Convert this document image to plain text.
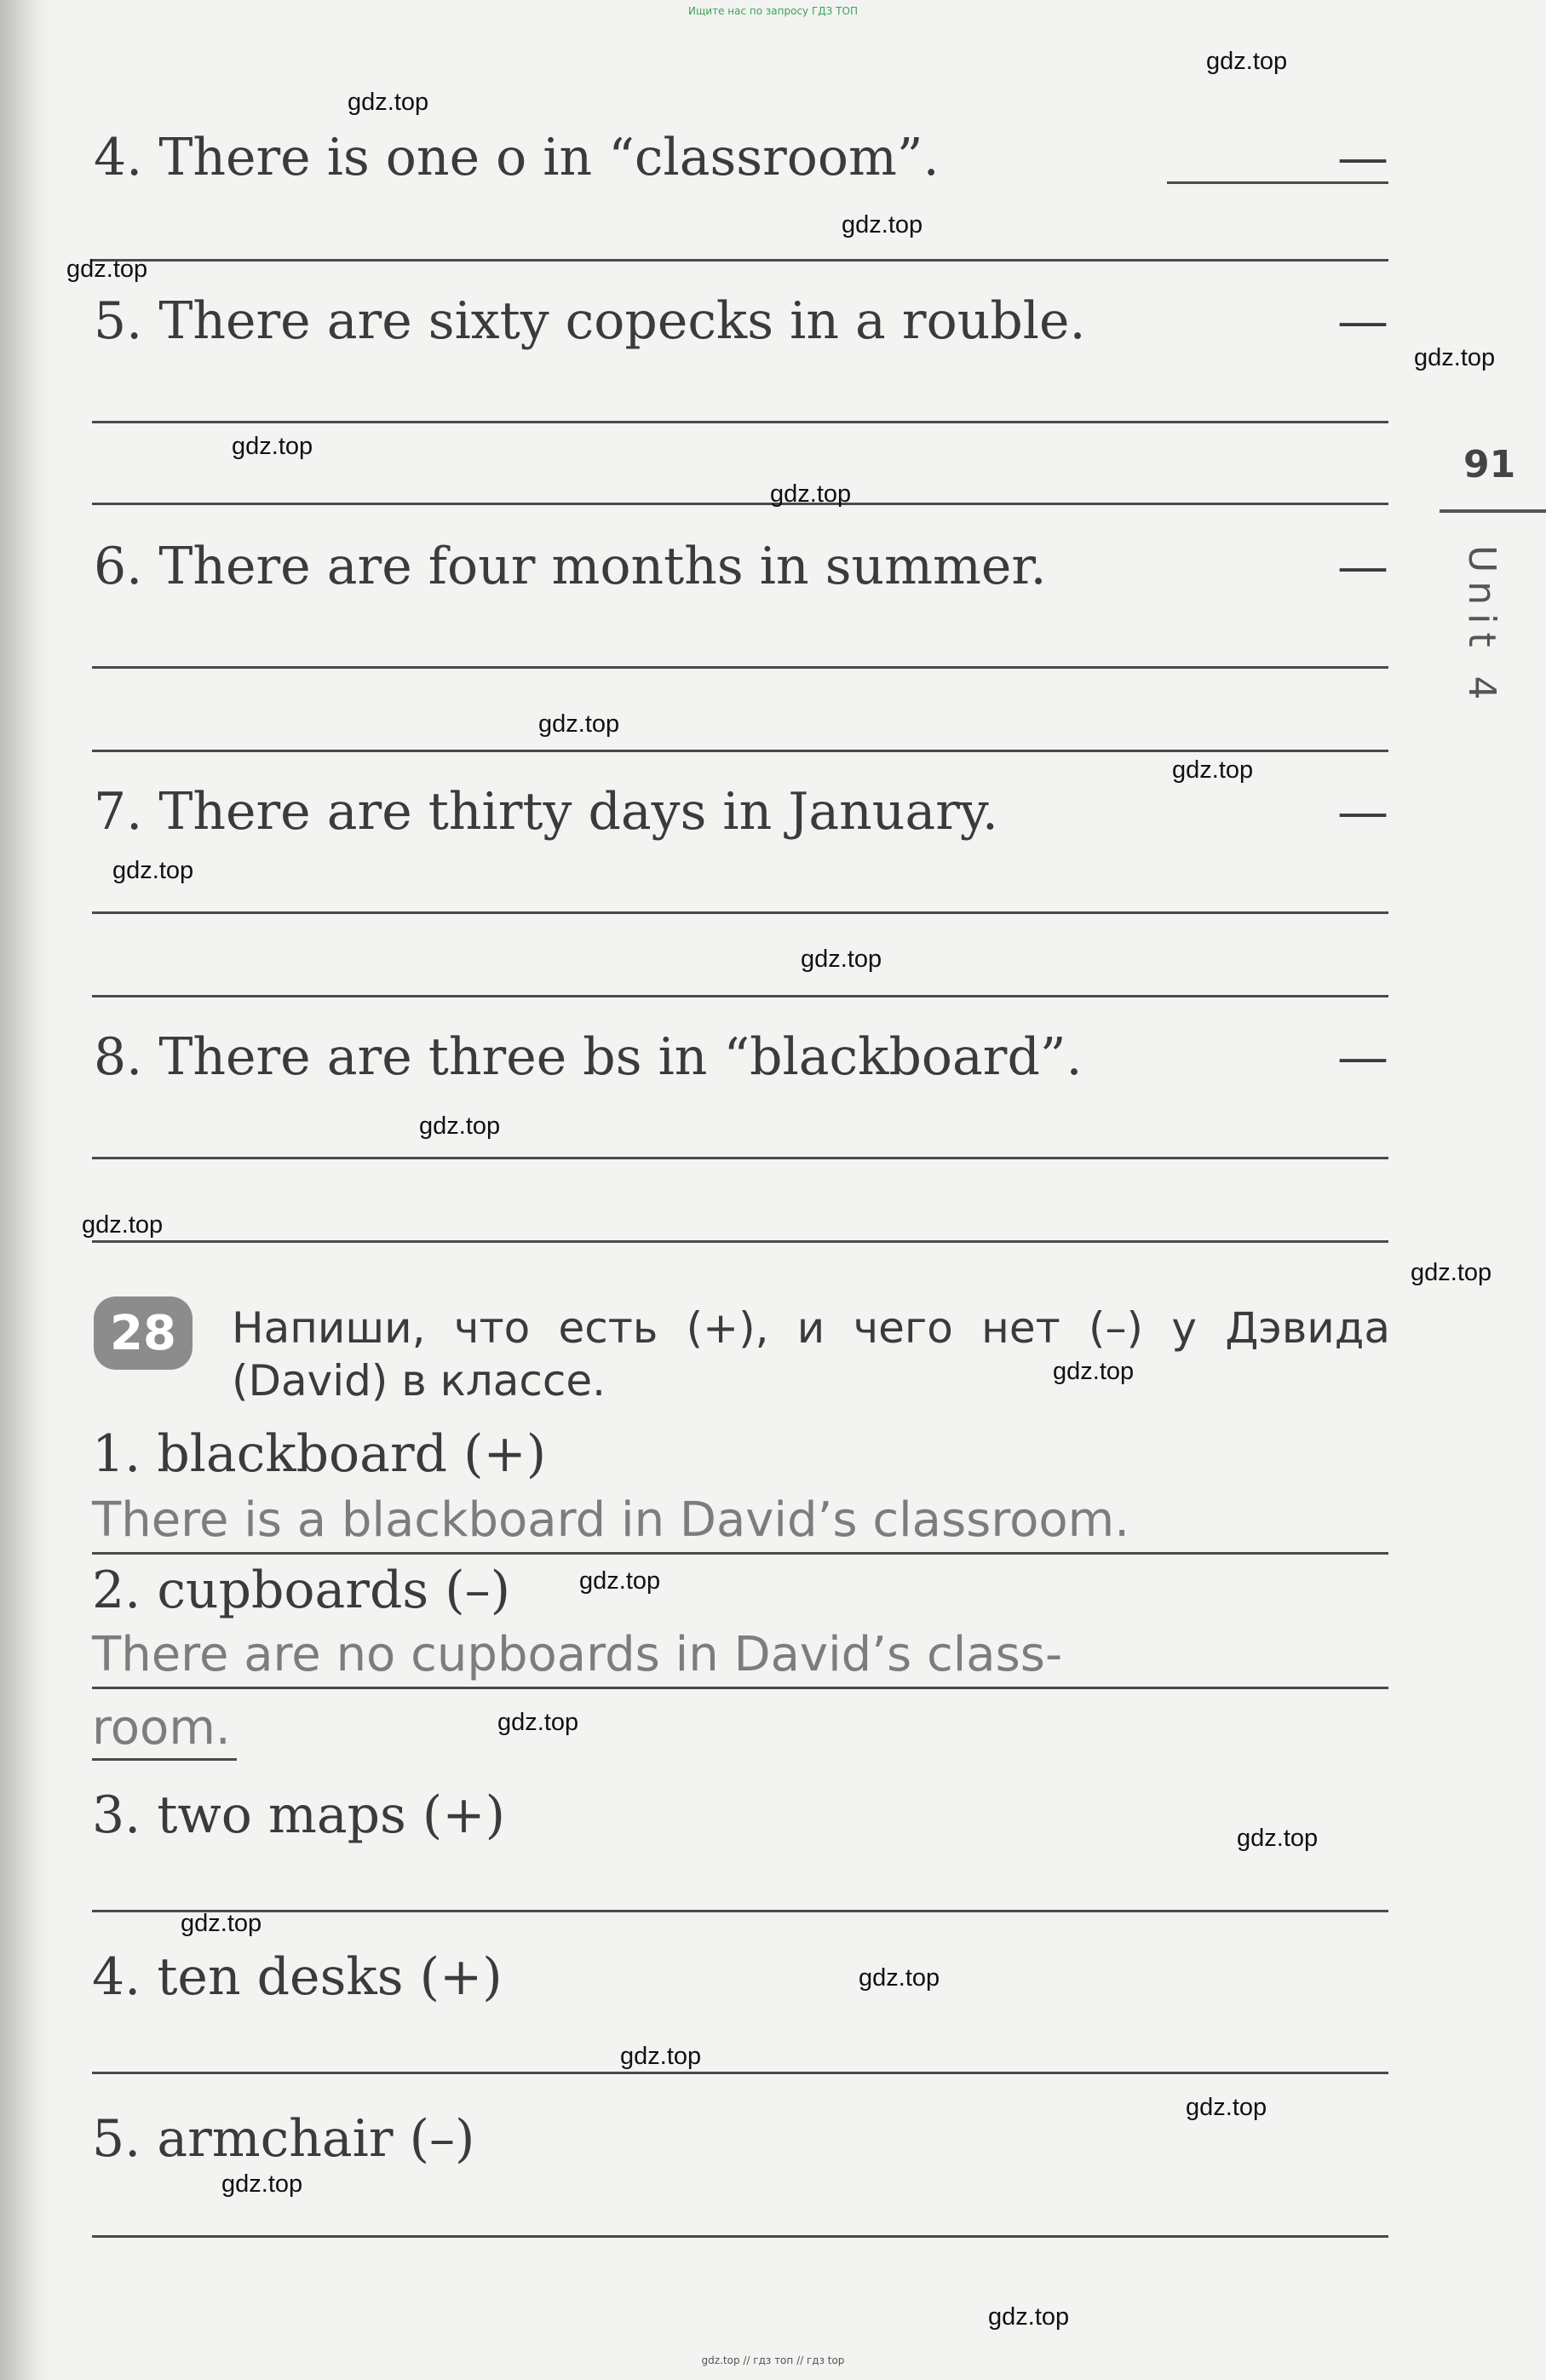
Ищите нас по запросу ГДЗ ТОП
91
Unit 4
4. There is one o in “classroom”.	—
5. There are sixty copecks in a rouble.	—
6. There are four months in summer.	—
7. There are thirty days in January.	—
8. There are three bs in “blackboard”.	—
28	Напиши, что есть (+), и чего нет (–) у Дэвида (David) в классе.
1. blackboard (+)
There is a blackboard in David’s classroom.
2. cupboards (–)
There are no cupboards in David’s class-
room.
3. two maps (+)
4. ten desks (+)
5. armchair (–)
gdz.top
gdz.top
gdz.top
gdz.top
gdz.top
gdz.top
gdz.top
gdz.top
gdz.top
gdz.top
gdz.top
gdz.top
gdz.top
gdz.top
gdz.top
gdz.top
gdz.top
gdz.top
gdz.top
gdz.top
gdz.top
gdz.top
gdz.top
gdz.top
gdz.top // гдз топ // гдз top
